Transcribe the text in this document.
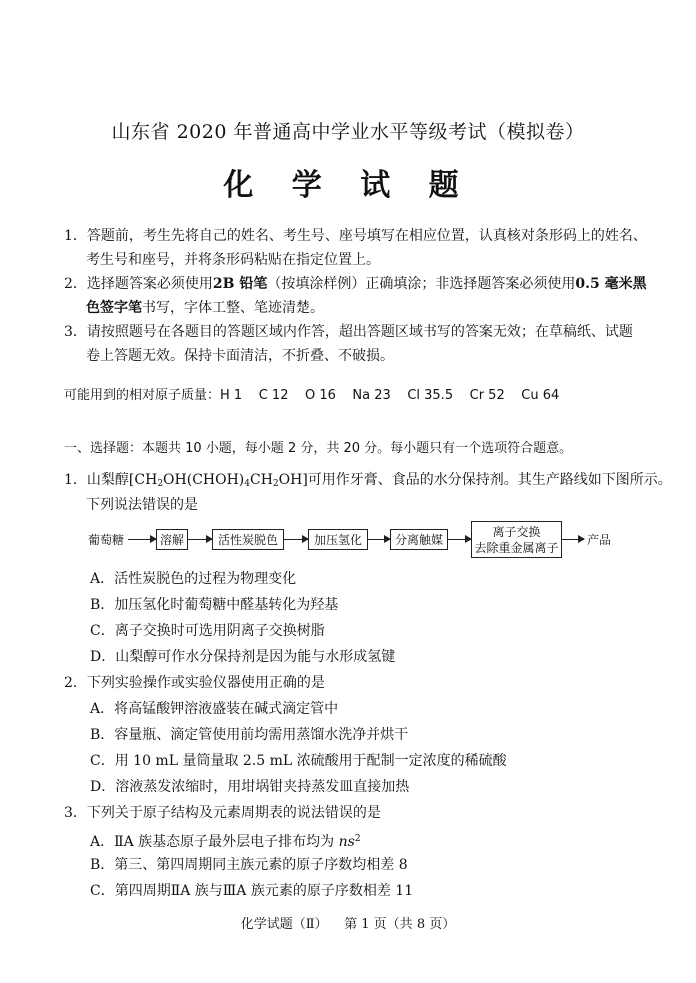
山东省 2020 年普通高中学业水平等级考试（模拟卷）
化 学 试 题
1．答题前，考生先将自己的姓名、考生号、座号填写在相应位置，认真核对条形码上的姓名、
考生号和座号，并将条形码粘贴在指定位置上。
2．选择题答案必须使用2B 铅笔（按填涂样例）正确填涂；非选择题答案必须使用0.5 毫米黑
色签字笔书写，字体工整、笔迹清楚。
3．请按照题号在各题目的答题区域内作答，超出答题区域书写的答案无效；在草稿纸、试题
卷上答题无效。保持卡面清洁，不折叠、不破损。
可能用到的相对原子质量：H 1    C 12    O 16    Na 23    Cl 35.5    Cr 52    Cu 64
一、选择题：本题共 10 小题，每小题 2 分，共 20 分。每小题只有一个选项符合题意。
1．山梨醇$[CH_2OH(CHOH)_4CH_2OH]$可用作牙膏、食品的水分保持剂。其生产路线如下图所示。
下列说法错误的是
葡萄糖	溶解	活性炭脱色	加压氢化	分离触媒
离子交换
去除重金属离子
产品
A．活性炭脱色的过程为物理变化
B．加压氢化时葡萄糖中醛基转化为羟基
C．离子交换时可选用阴离子交换树脂
D．山梨醇可作水分保持剂是因为能与水形成氢键
2．下列实验操作或实验仪器使用正确的是
A．将高锰酸钾溶液盛装在碱式滴定管中
B．容量瓶、滴定管使用前均需用蒸馏水洗净并烘干
C．用 10 mL 量筒量取 2.5 mL 浓硫酸用于配制一定浓度的稀硫酸
D．溶液蒸发浓缩时，用坩埚钳夹持蒸发皿直接加热
3．下列关于原子结构及元素周期表的说法错误的是
A．ⅡA 族基态原子最外层电子排布均为 $ns^2$
B．第三、第四周期同主族元素的原子序数均相差 8
C．第四周期ⅡA 族与ⅢA 族元素的原子序数相差 11
化学试题（Ⅱ）    第 1 页（共 8 页）
